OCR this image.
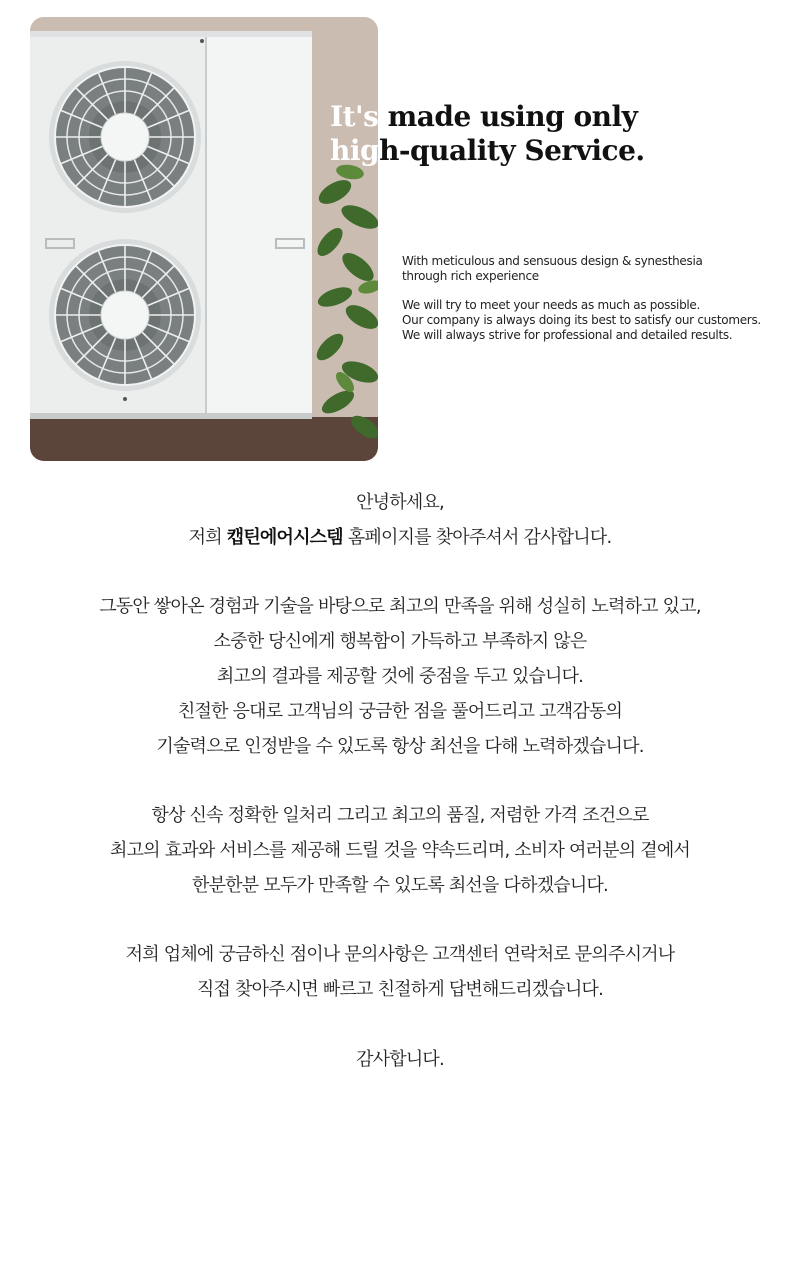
It's made using only
high-quality Service.

With meticulous and sensuous design & synesthesia

through rich experience

We will try to meet your needs as much as possible.

Our company is always doing its best to satisfy our customers.

We will always strive for professional and detailed results.

안녕하세요,

저희 캡틴에어시스템 홈페이지를 찾아주셔서 감사합니다.

그동안 쌓아온 경험과 기술을 바탕으로 최고의 만족을 위해 성실히 노력하고 있고,

소중한 당신에게 행복함이 가득하고 부족하지 않은

최고의 결과를 제공할 것에 중점을 두고 있습니다.

친절한 응대로 고객님의 궁금한 점을 풀어드리고 고객감동의

기술력으로 인정받을 수 있도록 항상 최선을 다해 노력하겠습니다.

항상 신속 정확한 일처리 그리고 최고의 품질, 저렴한 가격 조건으로

최고의 효과와 서비스를 제공해 드릴 것을 약속드리며, 소비자 여러분의 곁에서

한분한분 모두가 만족할 수 있도록 최선을 다하겠습니다.

저희 업체에 궁금하신 점이나 문의사항은 고객센터 연락처로 문의주시거나

직접 찾아주시면 빠르고 친절하게 답변해드리겠습니다.

감사합니다.
